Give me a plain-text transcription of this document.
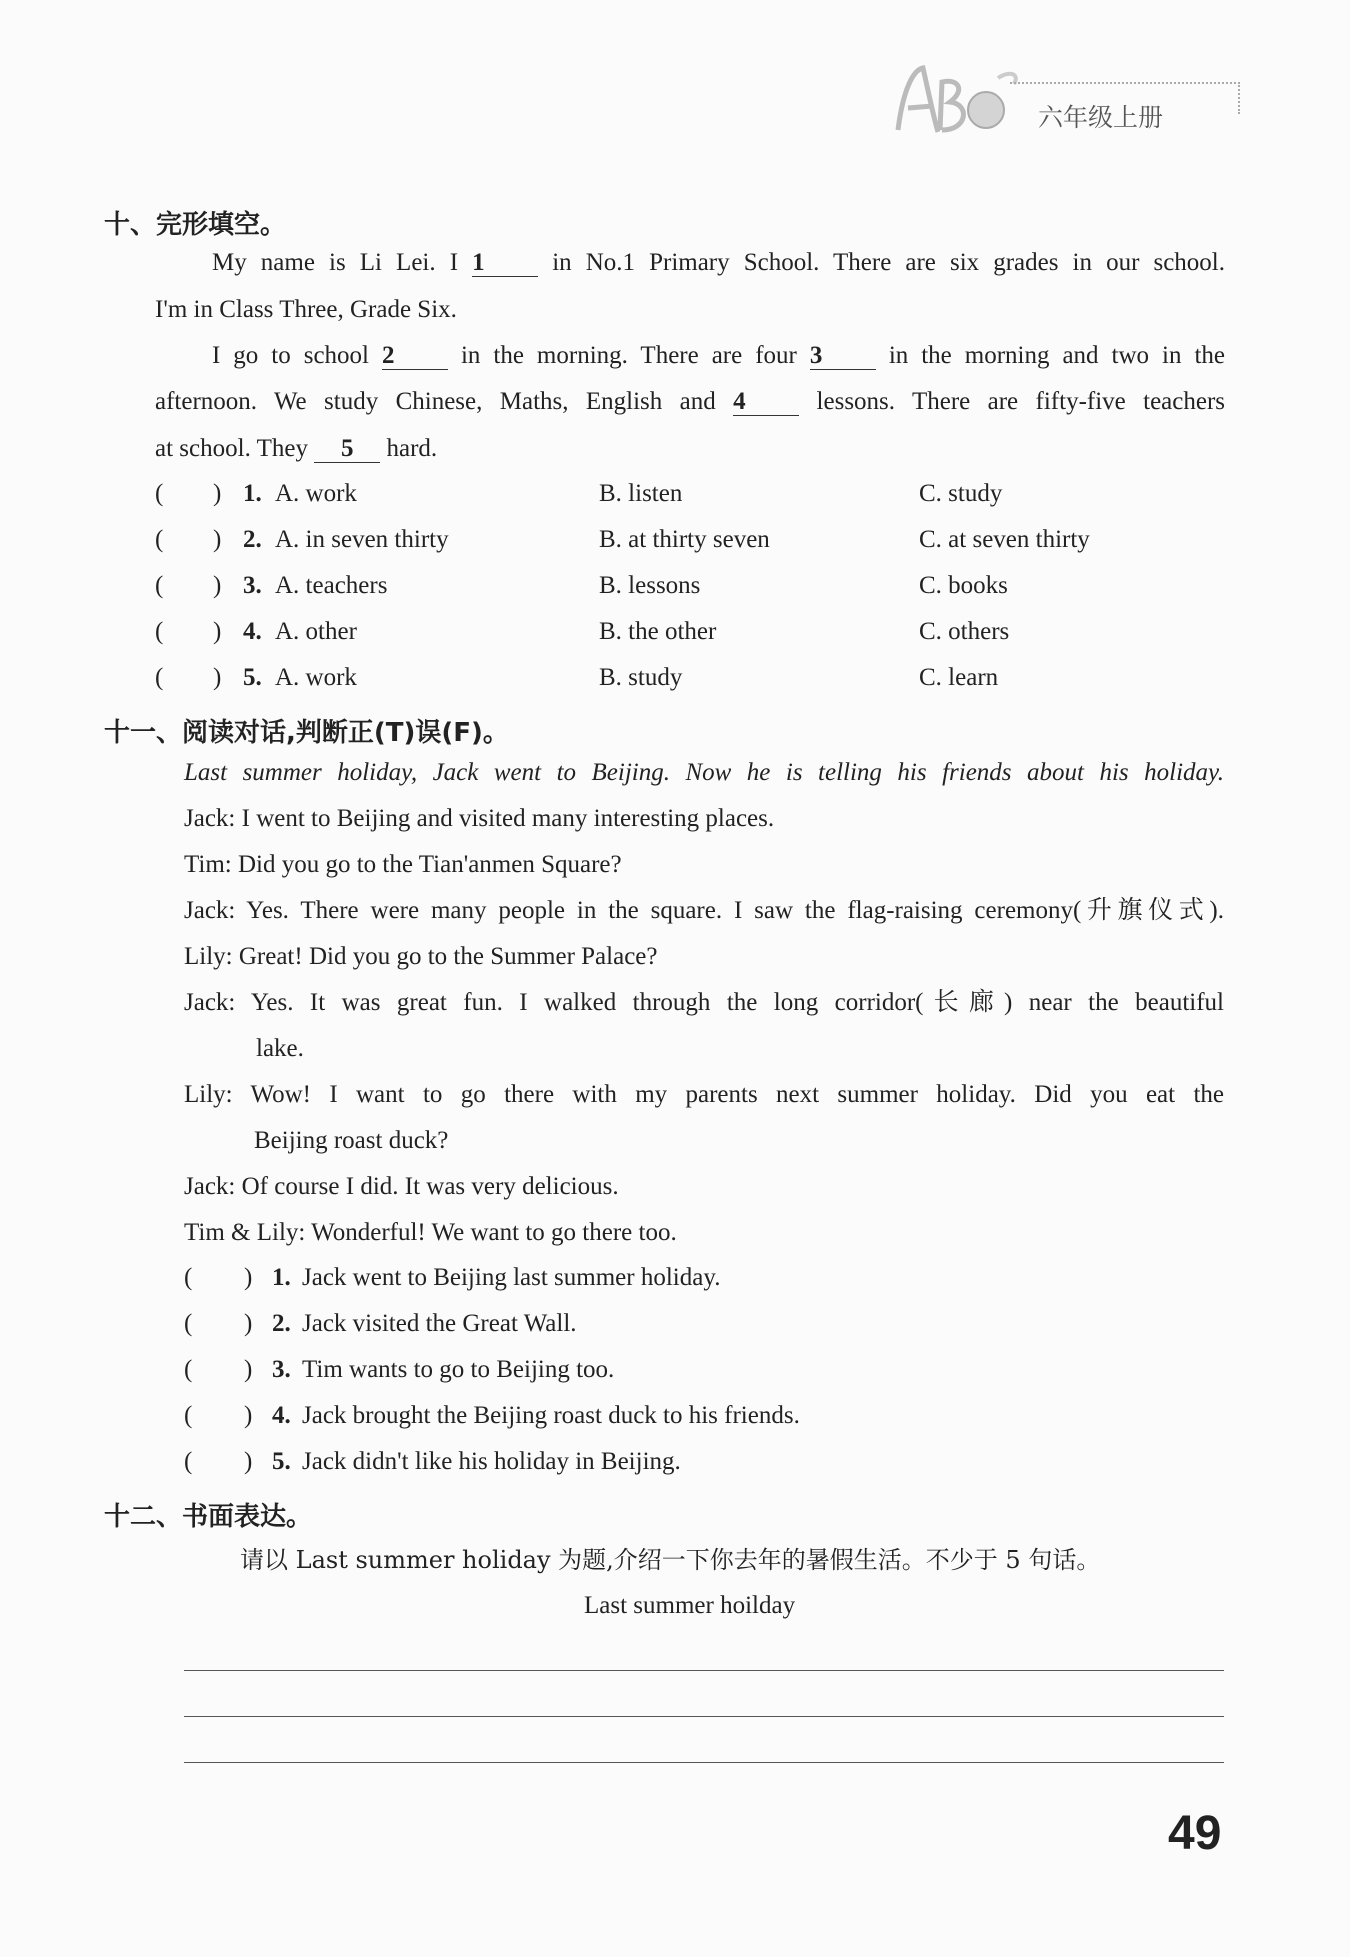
六年级上册
十、完形填空。
My name is Li Lei. I 1	in No.1 Primary School. There are six grades in our school.
I'm in Class Three, Grade Six.
I go to school 2	in the morning. There are four 3	in the morning and two in the
afternoon. We study Chinese, Maths, English and 4	lessons. There are fifty-five teachers
at school. They 5 hard.
( ) 1. A. work	B. listen	C. study
( ) 2. A. in seven thirty	B. at thirty seven	C. at seven thirty
( ) 3. A. teachers	B. lessons	C. books
( ) 4. A. other	B. the other	C. others
( ) 5. A. work	B. study	C. learn
十一、阅读对话,判断正(T)误(F)。
Last summer holiday, Jack went to Beijing. Now he is telling his friends about his holiday.
Jack: I went to Beijing and visited many interesting places.
Tim: Did you go to the Tian'anmen Square?
Jack: Yes. There were many people in the square. I saw the flag-raising ceremony(升旗仪式).
Lily: Great! Did you go to the Summer Palace?
Jack: Yes. It was great fun. I walked through the long corridor(长廊) near the beautiful
lake.
Lily: Wow! I want to go there with my parents next summer holiday. Did you eat the
Beijing roast duck?
Jack: Of course I did. It was very delicious.
Tim & Lily: Wonderful! We want to go there too.
( ) 1. Jack went to Beijing last summer holiday.
( ) 2. Jack visited the Great Wall.
( ) 3. Tim wants to go to Beijing too.
( ) 4. Jack brought the Beijing roast duck to his friends.
( ) 5. Jack didn't like his holiday in Beijing.
十二、书面表达。
请以 Last summer holiday 为题,介绍一下你去年的暑假生活。不少于 5 句话。
Last summer hoilday
49
